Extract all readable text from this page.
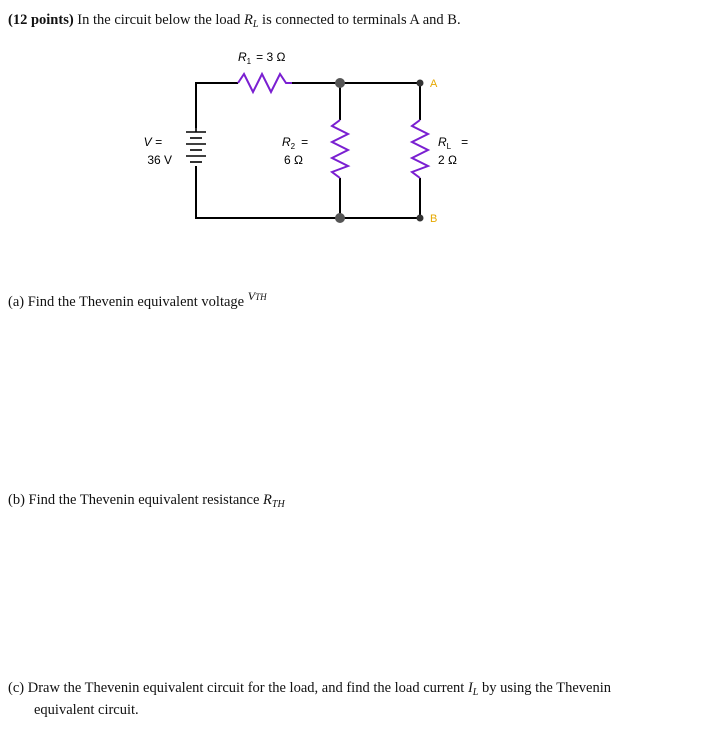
(12 points) In the circuit below the load $R_L$ is connected to terminals A and B.
$R_1 = 3$ Ω
V =
36 V
$R_2$ =
6 Ω
$R_L$ =
2 Ω
A
B
(a) Find the Thevenin equivalent voltage $^{VTH}$
(b) Find the Thevenin equivalent resistance $R_{TH}$
(c) Draw the Thevenin equivalent circuit for the load, and find the load current $I_L$ by using the Thevenin
equivalent circuit.
